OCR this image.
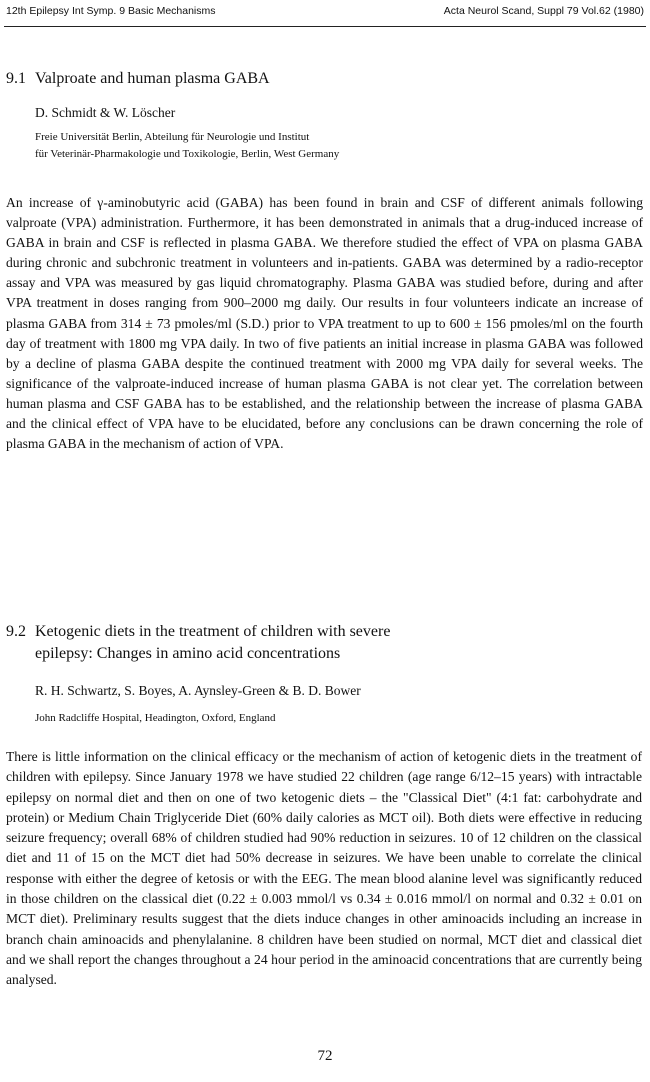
12th Epilepsy Int Symp. 9 Basic Mechanisms	Acta Neurol Scand, Suppl 79 Vol.62 (1980)
9.1 Valproate and human plasma GABA
D. Schmidt & W. Löscher
Freie Universität Berlin, Abteilung für Neurologie und Institut
für Veterinär-Pharmakologie und Toxikologie, Berlin, West Germany

An increase of γ-aminobutyric acid (GABA) has been found in brain and CSF of different animals following valproate (VPA) administration. Furthermore, it has been demonstrated in animals that a drug-induced increase of GABA in brain and CSF is reflected in plasma GABA. We therefore studied the effect of VPA on plasma GABA during chronic and subchronic treatment in volunteers and in-patients. GABA was determined by a radio-receptor assay and VPA was measured by gas liquid chromatography. Plasma GABA was studied before, during and after VPA treatment in doses ranging from 900–2000 mg daily. Our results in four volunteers indicate an increase of plasma GABA from 314 ± 73 pmoles/ml (S.D.) prior to VPA treatment to up to 600 ± 156 pmoles/ml on the fourth day of treatment with 1800 mg VPA daily. In two of five patients an initial increase in plasma GABA was followed by a decline of plasma GABA despite the continued treatment with 2000 mg VPA daily for several weeks. The significance of the valproate-induced increase of human plasma GABA is not clear yet. The correlation between human plasma and CSF GABA has to be established, and the relationship between the increase of plasma GABA and the clinical effect of VPA have to be elucidated, before any conclusions can be drawn concerning the role of plasma GABA in the mechanism of action of VPA.

9.2 Ketogenic diets in the treatment of children with severe
epilepsy: Changes in amino acid concentrations
R. H. Schwartz, S. Boyes, A. Aynsley-Green & B. D. Bower
John Radcliffe Hospital, Headington, Oxford, England

There is little information on the clinical efficacy or the mechanism of action of ketogenic diets in the treatment of children with epilepsy. Since January 1978 we have studied 22 children (age range 6/12–15 years) with intractable epilepsy on normal diet and then on one of two ketogenic diets – the "Classical Diet" (4:1 fat: carbohydrate and protein) or Medium Chain Triglyceride Diet (60% daily calories as MCT oil). Both diets were effective in reducing seizure frequency; overall 68% of children studied had 90% reduction in seizures. 10 of 12 children on the classical diet and 11 of 15 on the MCT diet had 50% decrease in seizures. We have been unable to correlate the clinical response with either the degree of ketosis or with the EEG. The mean blood alanine level was significantly reduced in those children on the classical diet (0.22 ± 0.003 mmol/l vs 0.34 ± 0.016 mmol/l on normal and 0.32 ± 0.01 on MCT diet). Preliminary results suggest that the diets induce changes in other aminoacids including an increase in branch chain aminoacids and phenylalanine. 8 children have been studied on normal, MCT diet and classical diet and we shall report the changes throughout a 24 hour period in the aminoacid concentrations that are currently being analysed.

72
